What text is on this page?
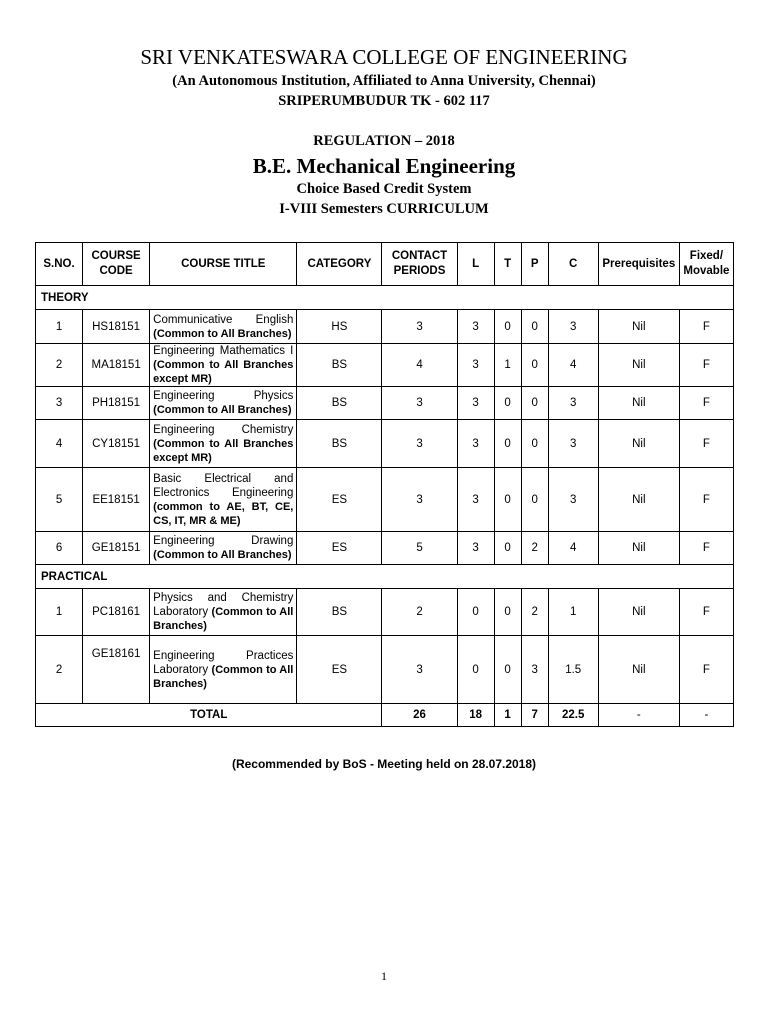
SRI VENKATESWARA COLLEGE OF ENGINEERING
(An Autonomous Institution, Affiliated to Anna University, Chennai)
SRIPERUMBUDUR TK - 602 117
REGULATION – 2018
B.E. Mechanical Engineering
Choice Based Credit System
I-VIII Semesters CURRICULUM
S.NO.	COURSE CODE	COURSE TITLE	CATEGORY	CONTACT PERIODS	L	T	P	C	Prerequisites	Fixed/ Movable
THEORY										
1	HS18151	Communicative English (Common to All Branches)	HS	3	3	0	0	3	Nil	F
2	MA18151	Engineering Mathematics I (Common to All Branches except MR)	BS	4	3	1	0	4	Nil	F
3	PH18151	Engineering Physics (Common to All Branches)	BS	3	3	0	0	3	Nil	F
4	CY18151	Engineering Chemistry (Common to All Branches except MR)	BS	3	3	0	0	3	Nil	F
5	EE18151	Basic Electrical and Electronics Engineering (common to AE, BT, CE, CS, IT, MR & ME)	ES	3	3	0	0	3	Nil	F
6	GE18151	Engineering Drawing (Common to All Branches)	ES	5	3	0	2	4	Nil	F
PRACTICAL										
1	PC18161	Physics and Chemistry Laboratory (Common to All Branches)	BS	2	0	0	2	1	Nil	F
2	GE18161	Engineering Practices Laboratory (Common to All Branches)	ES	3	0	0	3	1.5	Nil	F
TOTAL				26	18	1	7	22.5	-	-
(Recommended by BoS - Meeting held on 28.07.2018)
1
